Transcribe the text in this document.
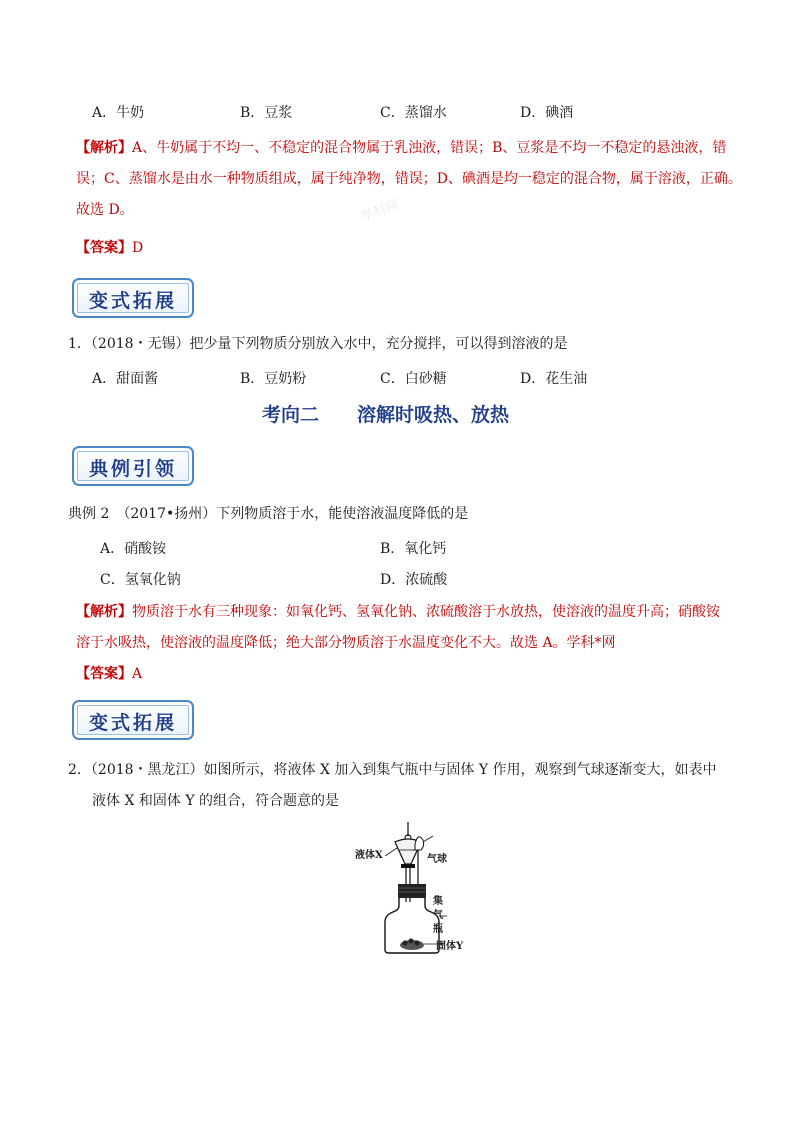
A．牛奶	B．豆浆	C．蒸馏水	D．碘酒
【解析】A、牛奶属于不均一、不稳定的混合物属于乳浊液，错误；B、豆浆是不均一不稳定的悬浊液，错
误；C、蒸馏水是由水一种物质组成，属于纯净物，错误；D、碘酒是均一稳定的混合物，属于溶液，正确。
故选 D。	学科网
【答案】D
变式拓展
1．（2018・无锡）把少量下列物质分别放入水中，充分搅拌，可以得到溶液的是
A．甜面酱	B．豆奶粉	C．白砂糖	D．花生油
考向二　　溶解时吸热、放热
典例引领
典例 2　（2017•扬州）下列物质溶于水，能使溶液温度降低的是
A．硝酸铵	B．氧化钙
C．氢氧化钠	D．浓硫酸
【解析】物质溶于水有三种现象：如氧化钙、氢氧化钠、浓硫酸溶于水放热，使溶液的温度升高；硝酸铵
溶于水吸热，使溶液的温度降低；绝大部分物质溶于水温度变化不大。故选 A。学科*网
【答案】A
变式拓展
2．（2018・黑龙江）如图所示，将液体 X 加入到集气瓶中与固体 Y 作用，观察到气球逐渐变大，如表中
液体 X 和固体 Y 的组合，符合题意的是
液体X	气球
集
气
瓶
固体Y
